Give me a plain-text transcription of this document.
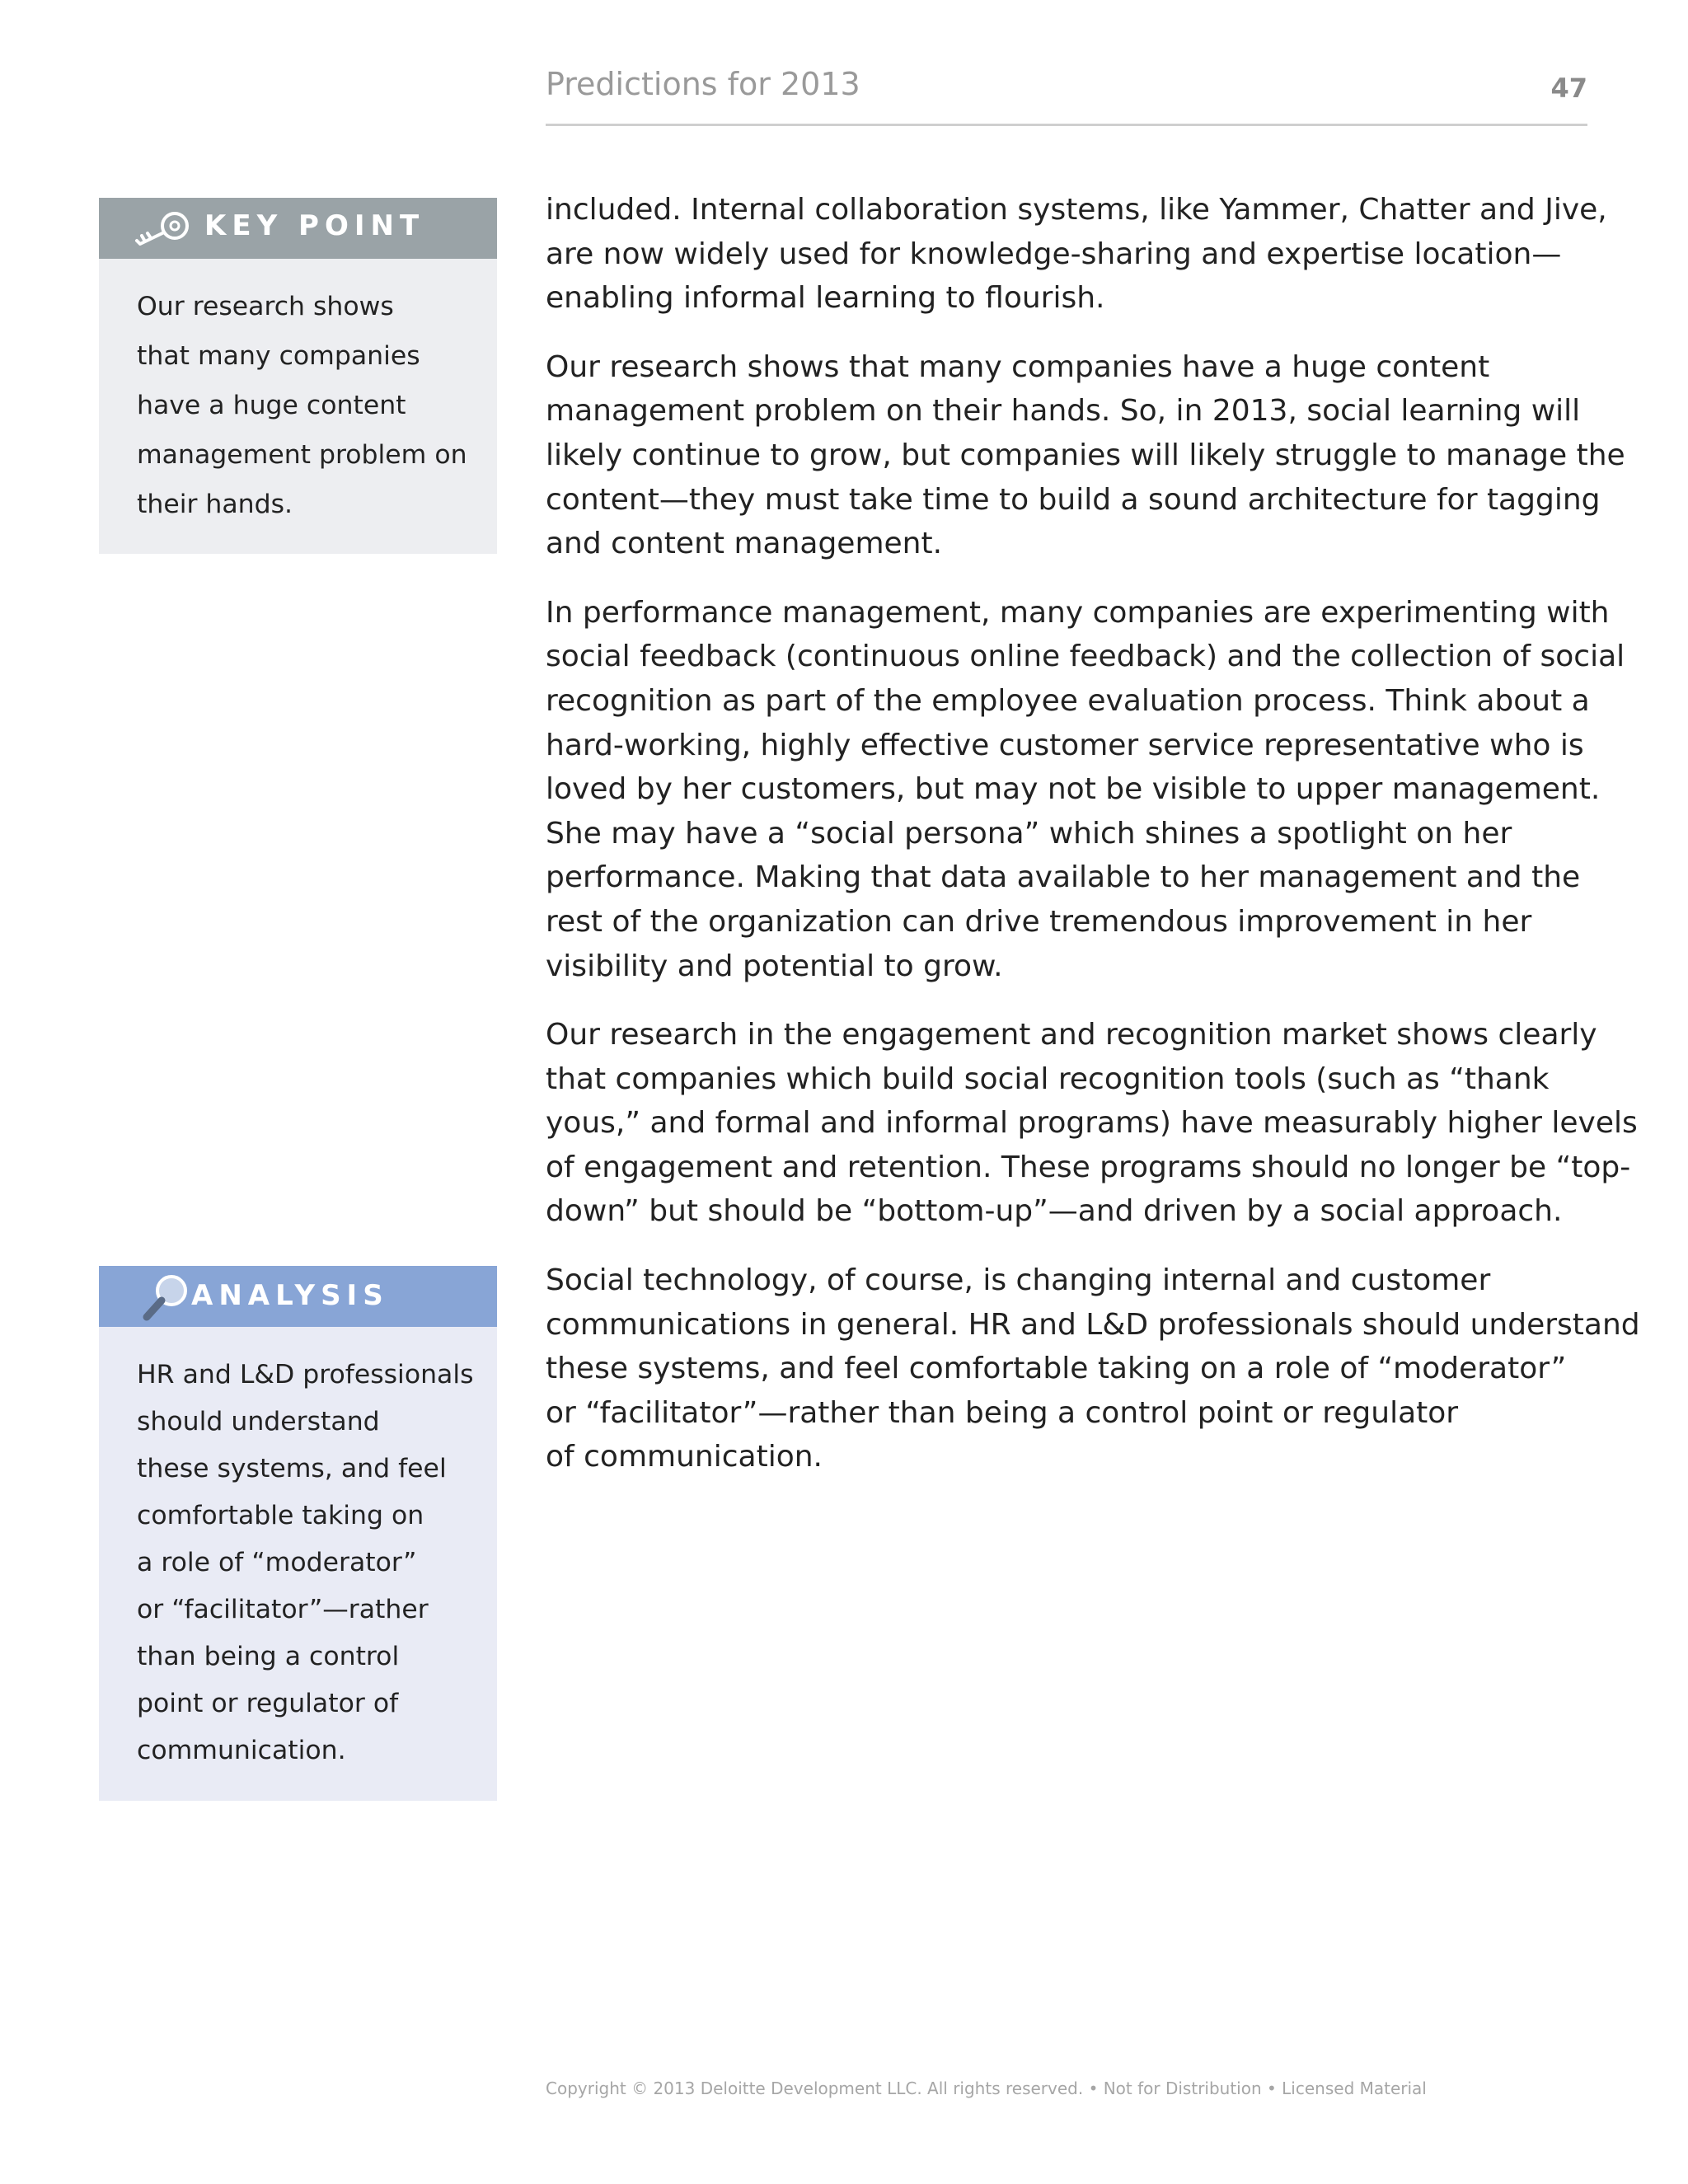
Predictions for 2013	47
KEY POINT
Our research shows
that many companies
have a huge content
management problem on
their hands.
ANALYSIS
HR and L&D professionals
should understand
these systems, and feel
comfortable taking on
a role of “moderator”
or “facilitator”—rather
than being a control
point or regulator of
communication.

included. Internal collaboration systems, like Yammer, Chatter and Jive,
are now widely used for knowledge-sharing and expertise location—
enabling informal learning to flourish.

Our research shows that many companies have a huge content
management problem on their hands. So, in 2013, social learning will
likely continue to grow, but companies will likely struggle to manage the
content—they must take time to build a sound architecture for tagging
and content management.

In performance management, many companies are experimenting with
social feedback (continuous online feedback) and the collection of social
recognition as part of the employee evaluation process. Think about a
hard-working, highly effective customer service representative who is
loved by her customers, but may not be visible to upper management.
She may have a “social persona” which shines a spotlight on her
performance. Making that data available to her management and the
rest of the organization can drive tremendous improvement in her
visibility and potential to grow.

Our research in the engagement and recognition market shows clearly
that companies which build social recognition tools (such as “thank
yous,” and formal and informal programs) have measurably higher levels
of engagement and retention. These programs should no longer be “top-
down” but should be “bottom-up”—and driven by a social approach.

Social technology, of course, is changing internal and customer
communications in general. HR and L&D professionals should understand
these systems, and feel comfortable taking on a role of “moderator”
or “facilitator”—rather than being a control point or regulator
of communication.

Copyright © 2013 Deloitte Development LLC. All rights reserved. • Not for Distribution • Licensed Material
